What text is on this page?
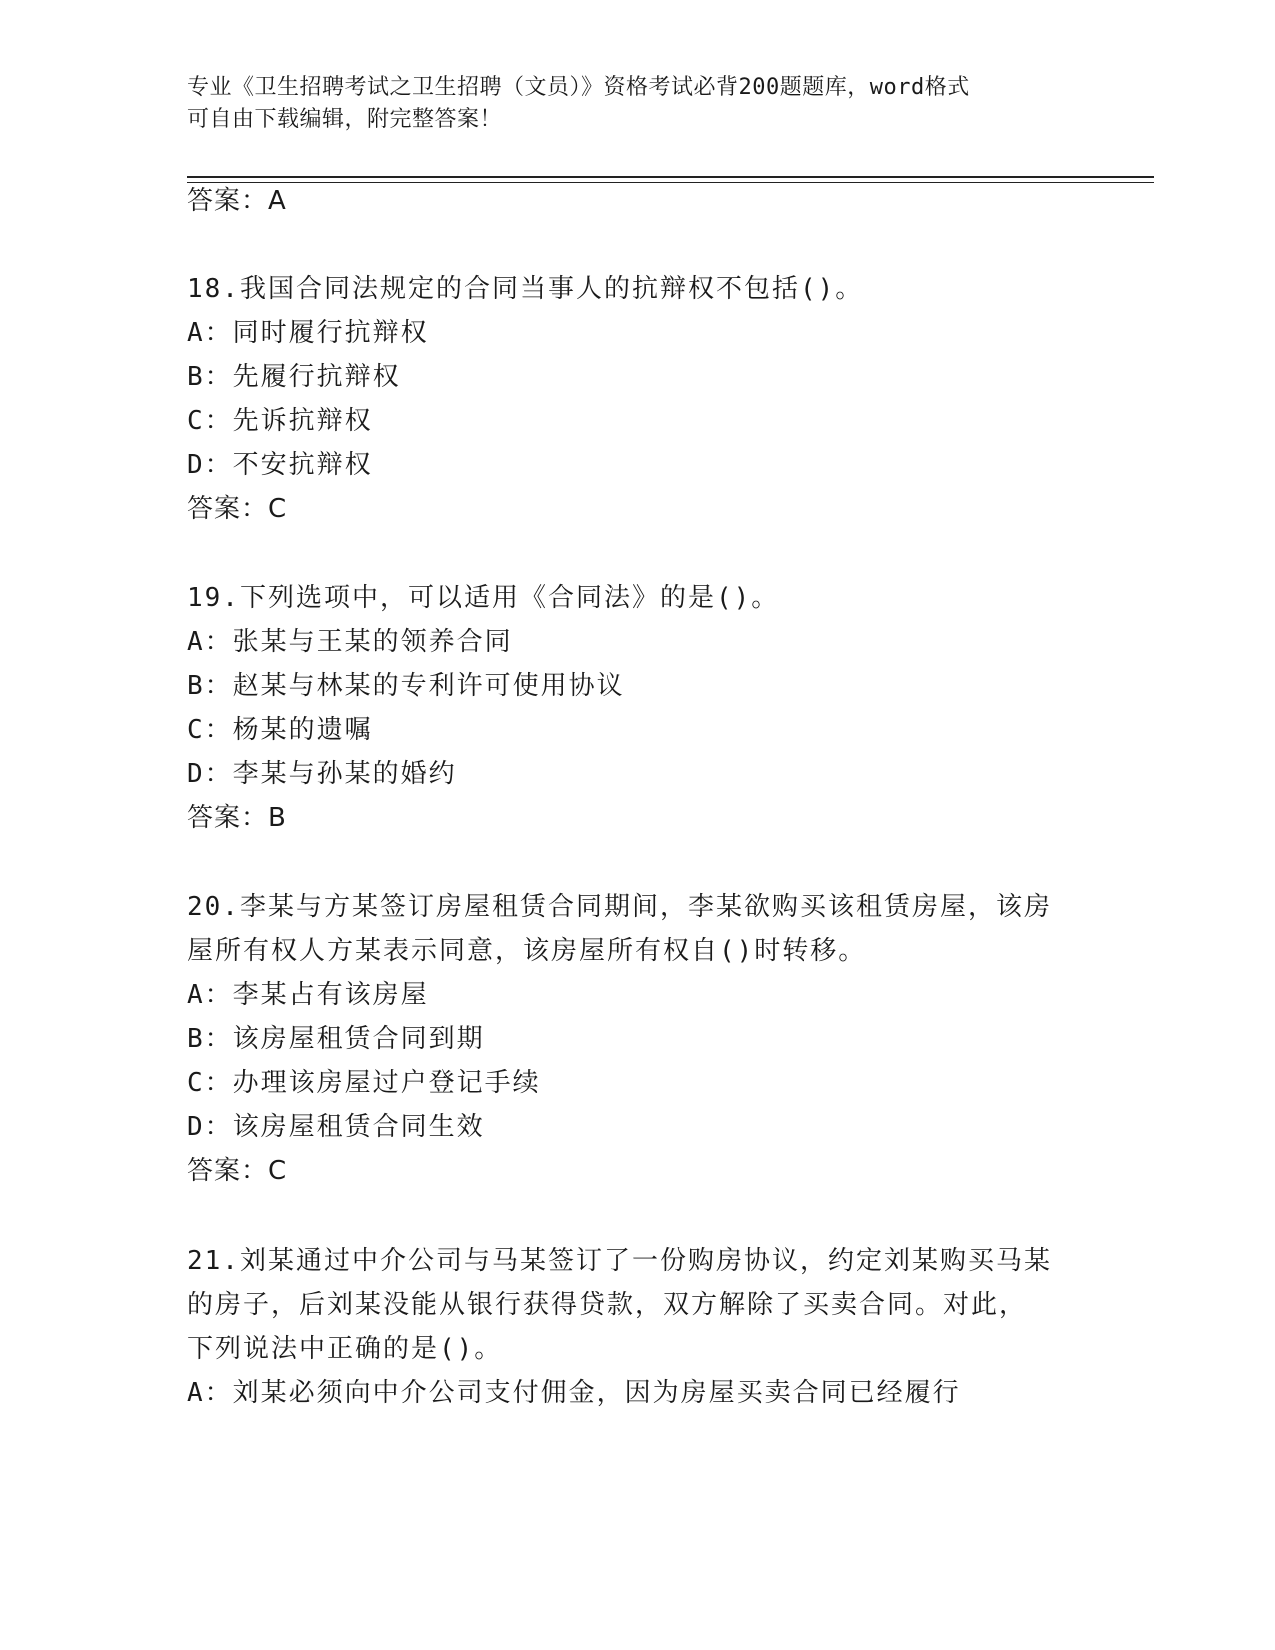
专业《卫生招聘考试之卫生招聘（文员）》资格考试必背200题题库，word格式
可自由下载编辑，附完整答案！
答案：A
18.我国合同法规定的合同当事人的抗辩权不包括()。
A：同时履行抗辩权
B：先履行抗辩权
C：先诉抗辩权
D：不安抗辩权
答案：C
19.下列选项中，可以适用《合同法》的是()。
A：张某与王某的领养合同
B：赵某与林某的专利许可使用协议
C：杨某的遗嘱
D：李某与孙某的婚约
答案：B
20.李某与方某签订房屋租赁合同期间，李某欲购买该租赁房屋，该房
屋所有权人方某表示同意，该房屋所有权自()时转移。
A：李某占有该房屋
B：该房屋租赁合同到期
C：办理该房屋过户登记手续
D：该房屋租赁合同生效
答案：C
21.刘某通过中介公司与马某签订了一份购房协议，约定刘某购买马某
的房子，后刘某没能从银行获得贷款，双方解除了买卖合同。对此，
下列说法中正确的是()。
A：刘某必须向中介公司支付佣金，因为房屋买卖合同已经履行
